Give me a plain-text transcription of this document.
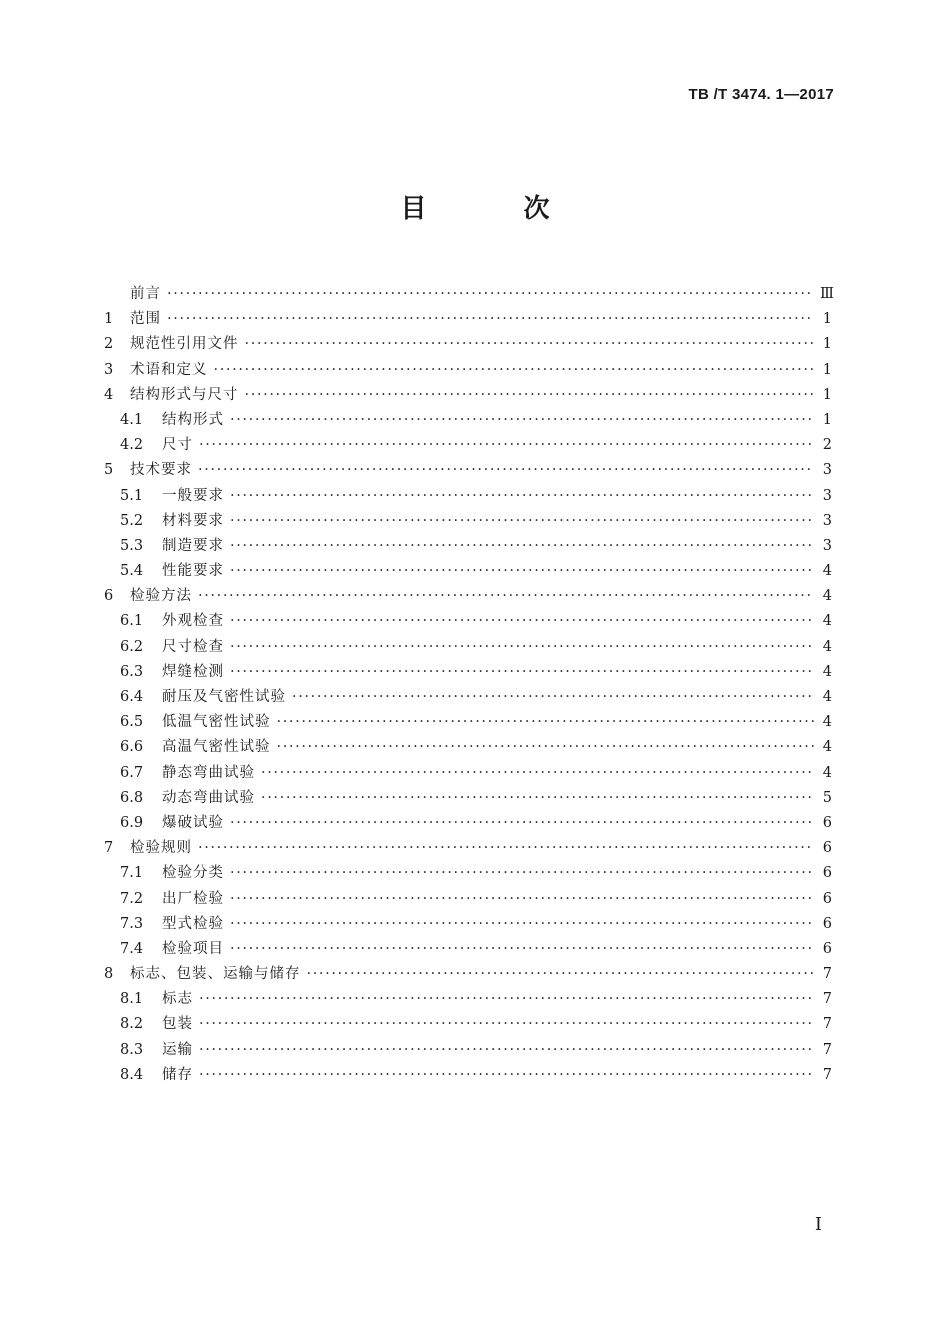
TB /T 3474. 1—2017
目 次
前言 ·····	Ⅲ
1	范围 ·····	1
2	规范性引用文件 ·····	1
3	术语和定义 ·····	1
4	结构形式与尺寸 ·····	1
4.1	结构形式 ·····	1
4.2	尺寸 ·····	2
5	技术要求 ·····	3
5.1	一般要求 ·····	3
5.2	材料要求 ·····	3
5.3	制造要求 ·····	3
5.4	性能要求 ·····	4
6	检验方法 ·····	4
6.1	外观检查 ·····	4
6.2	尺寸检查 ·····	4
6.3	焊缝检测 ·····	4
6.4	耐压及气密性试验 ·····	4
6.5	低温气密性试验 ·····	4
6.6	高温气密性试验 ·····	4
6.7	静态弯曲试验 ·····	4
6.8	动态弯曲试验 ·····	5
6.9	爆破试验 ·····	6
7	检验规则 ·····	6
7.1	检验分类 ·····	6
7.2	出厂检验 ·····	6
7.3	型式检验 ·····	6
7.4	检验项目 ·····	6
8	标志、包装、运输与储存 ·····	7
8.1	标志 ·····	7
8.2	包装 ·····	7
8.3	运输 ·····	7
8.4	储存 ·····	7
I
